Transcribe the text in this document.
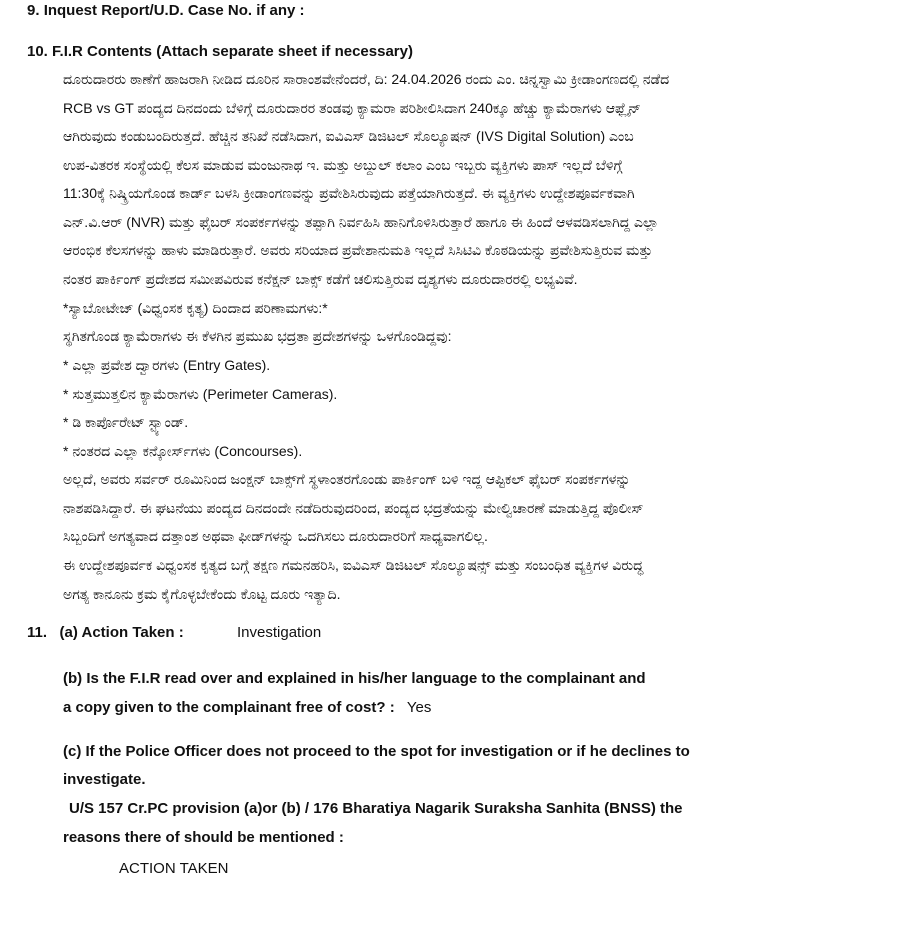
9. Inquest Report/U.D. Case No. if any :
10. F.I.R Contents (Attach separate sheet if necessary)
ದೂರುದಾರರು ಠಾಣೆಗೆ ಹಾಜರಾಗಿ ನೀಡಿದ ದೂರಿನ ಸಾರಾಂಶವೇನೆಂದರೆ, ದಿ: 24.04.2026 ರಂದು ಎಂ. ಚಿನ್ನಸ್ವಾಮಿ ಕ್ರೀಡಾಂಗಣದಲ್ಲಿ ನಡೆದ
RCB vs GT ಪಂದ್ಯದ ದಿನದಂದು ಬೆಳಿಗ್ಗೆ ದೂರುದಾರರ ತಂಡವು ಕ್ಯಾಮರಾ ಪರಿಶೀಲಿಸಿದಾಗ 240ಕ್ಕೂ ಹೆಚ್ಚು ಕ್ಯಾಮೆರಾಗಳು ಆಫ್ಲೈನ್
ಆಗಿರುವುದು ಕಂಡುಬಂದಿರುತ್ತದೆ. ಹೆಚ್ಚಿನ ತನಿಖೆ ನಡೆಸಿದಾಗ, ಐವಿಎಸ್ ಡಿಜಿಟಲ್ ಸೊಲ್ಯೂಷನ್ (IVS Digital Solution) ಎಂಬ
ಉಪ-ವಿತರಕ ಸಂಸ್ಥೆಯಲ್ಲಿ ಕೆಲಸ ಮಾಡುವ ಮಂಜುನಾಥ ಇ. ಮತ್ತು ಅಬ್ದುಲ್ ಕಲಾಂ ಎಂಬ ಇಬ್ಬರು ವ್ಯಕ್ತಿಗಳು ಪಾಸ್ ಇಲ್ಲದೆ ಬೆಳಿಗ್ಗೆ
11:30ಕ್ಕೆ ನಿಷ್ಕ್ರಿಯಗೊಂಡ ಕಾರ್ಡ್ ಬಳಸಿ ಕ್ರೀಡಾಂಗಣವನ್ನು ಪ್ರವೇಶಿಸಿರುವುದು ಪತ್ತೆಯಾಗಿರುತ್ತದೆ. ಈ ವ್ಯಕ್ತಿಗಳು ಉದ್ದೇಶಪೂರ್ವಕವಾಗಿ
ಎನ್.ವಿ.ಆರ್ (NVR) ಮತ್ತು ಫೈಬರ್ ಸಂಪರ್ಕಗಳನ್ನು ತಪ್ಪಾಗಿ ನಿರ್ವಹಿಸಿ ಹಾನಿಗೊಳಿಸಿರುತ್ತಾರೆ ಹಾಗೂ ಈ ಹಿಂದೆ ಆಳವಡಿಸಲಾಗಿದ್ದ ಎಲ್ಲಾ
ಆರಂಭಿಕ ಕೆಲಸಗಳನ್ನು ಹಾಳು ಮಾಡಿರುತ್ತಾರೆ. ಅವರು ಸರಿಯಾದ ಪ್ರವೇಶಾನುಮತಿ ಇಲ್ಲದೆ ಸಿಸಿಟಿವಿ ಕೊಠಡಿಯನ್ನು ಪ್ರವೇಶಿಸುತ್ತಿರುವ ಮತ್ತು
ನಂತರ ಪಾರ್ಕಿಂಗ್ ಪ್ರದೇಶದ ಸಮೀಪವಿರುವ ಕನೆಕ್ಷನ್ ಬಾಕ್ಸ್ ಕಡೆಗೆ ಚಲಿಸುತ್ತಿರುವ ದೃಶ್ಯಗಳು ದೂರುದಾರರಲ್ಲಿ ಲಭ್ಯವಿವೆ.
*ಸ್ಯಾಬೋಟೇಜ್ (ವಿಧ್ವಂಸಕ ಕೃತ್ಯ) ದಿಂದಾದ ಪರಿಣಾಮಗಳು:*
ಸ್ಥಗಿತಗೊಂಡ ಕ್ಯಾಮೆರಾಗಳು ಈ ಕೆಳಗಿನ ಪ್ರಮುಖ ಭದ್ರತಾ ಪ್ರದೇಶಗಳನ್ನು ಒಳಗೊಂಡಿದ್ದವು:
* ಎಲ್ಲಾ ಪ್ರವೇಶ ದ್ವಾರಗಳು (Entry Gates).
* ಸುತ್ತಮುತ್ತಲಿನ ಕ್ಯಾಮೆರಾಗಳು (Perimeter Cameras).
* ಡಿ ಕಾರ್ಪೊರೇಟ್ ಸ್ಟ್ಯಾಂಡ್.
* ನಂತರದ ಎಲ್ಲಾ ಕನ್ಕೋರ್ಸ್‌ಗಳು (Concourses).
ಅಲ್ಲದೆ, ಅವರು ಸರ್ವರ್ ರೂಮಿನಿಂದ ಜಂಕ್ಷನ್ ಬಾಕ್ಸ್‌ಗೆ ಸ್ಥಳಾಂತರಗೊಂಡು ಪಾರ್ಕಿಂಗ್ ಬಳಿ ಇದ್ದ ಆಪ್ಟಿಕಲ್ ಫೈಬರ್ ಸಂಪರ್ಕಗಳನ್ನು
ನಾಶಪಡಿಸಿದ್ದಾರೆ. ಈ ಘಟನೆಯು ಪಂದ್ಯದ ದಿನದಂದೇ ನಡೆದಿರುವುದರಿಂದ, ಪಂದ್ಯದ ಭದ್ರತೆಯನ್ನು ಮೇಲ್ವಿಚಾರಣೆ ಮಾಡುತ್ತಿದ್ದ ಪೊಲೀಸ್
ಸಿಬ್ಬಂದಿಗೆ ಅಗತ್ಯವಾದ ದತ್ತಾಂಶ ಅಥವಾ ಫೀಡ್‌ಗಳನ್ನು ಒದಗಿಸಲು ದೂರುದಾರರಿಗೆ ಸಾಧ್ಯವಾಗಲಿಲ್ಲ.
ಈ ಉದ್ದೇಶಪೂರ್ವಕ ವಿಧ್ವಂಸಕ ಕೃತ್ಯದ ಬಗ್ಗೆ ತಕ್ಷಣ ಗಮನಹರಿಸಿ, ಐವಿಎಸ್ ಡಿಜಿಟಲ್ ಸೊಲ್ಯೂಷನ್ಸ್ ಮತ್ತು ಸಂಬಂಧಿತ ವ್ಯಕ್ತಿಗಳ ವಿರುದ್ಧ
ಅಗತ್ಯ ಕಾನೂನು ಕ್ರಮ ಕೈಗೊಳ್ಳಬೇಕೆಂದು ಕೊಟ್ಟ ದೂರು ಇತ್ಯಾದಿ.
11. (a) Action Taken :	Investigation
(b) Is the F.I.R read over and explained in his/her language to the complainant and
a copy given to the complainant free of cost? : Yes
(c) If the Police Officer does not proceed to the spot for investigation or if he declines to
investigate.
U/S 157 Cr.PC provision (a)or (b) / 176 Bharatiya Nagarik Suraksha Sanhita (BNSS) the
reasons there of should be mentioned :
ACTION TAKEN
